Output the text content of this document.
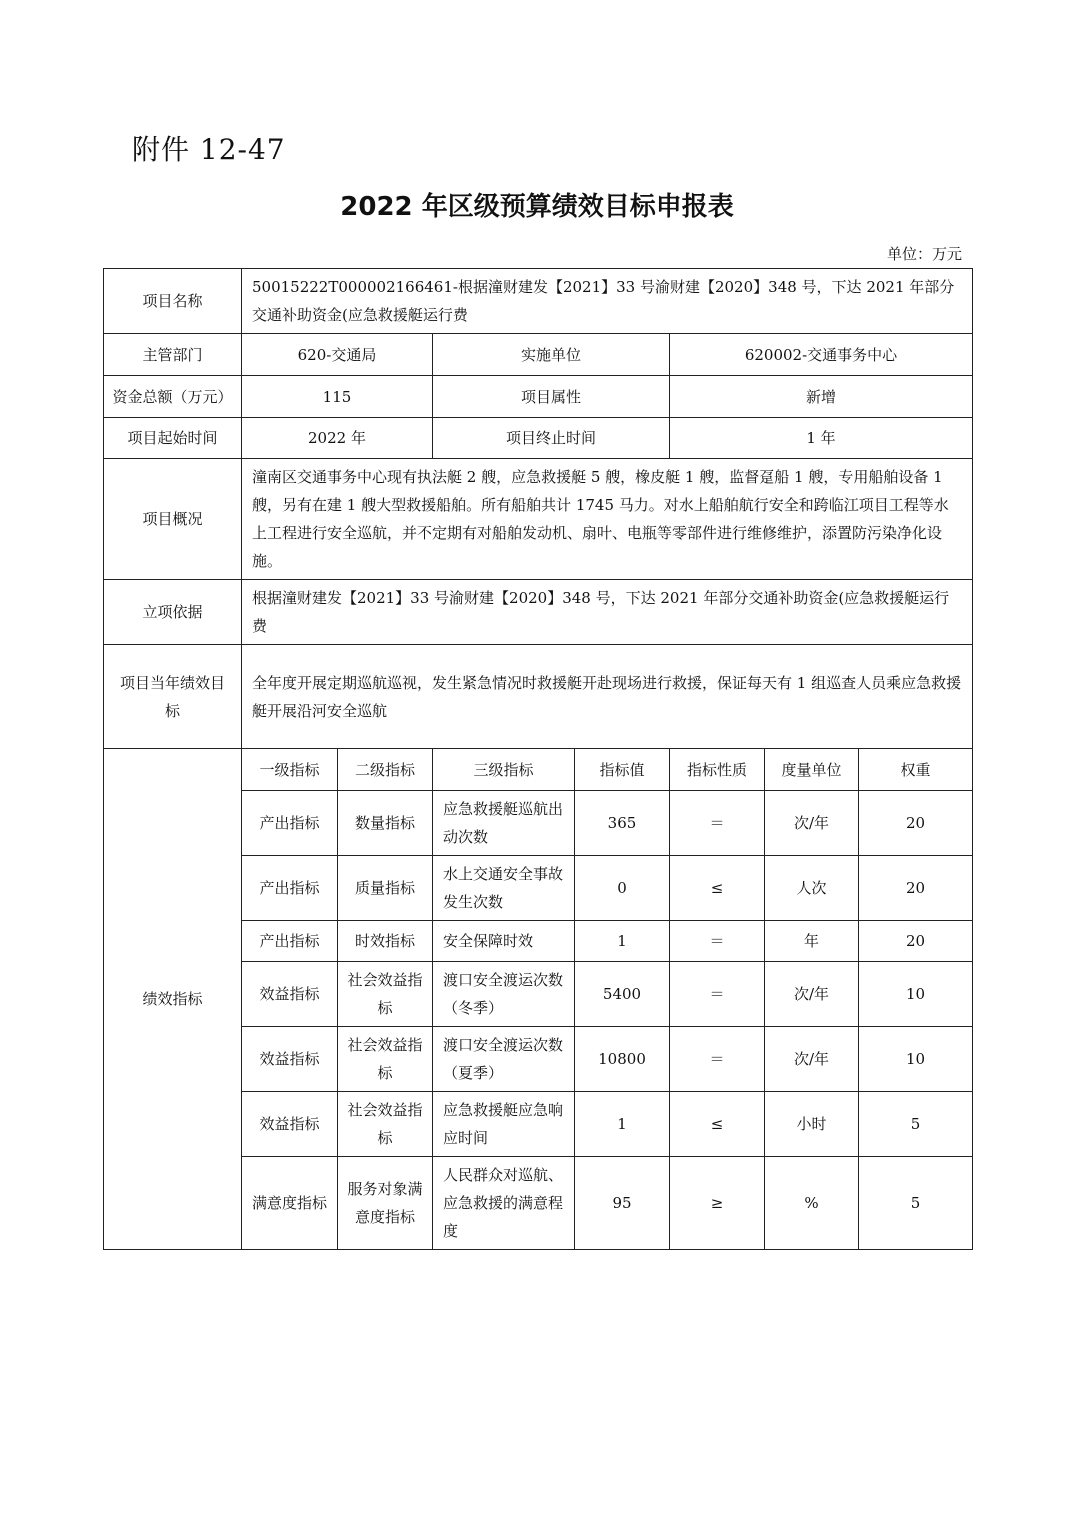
附件 12-47
2022 年区级预算绩效目标申报表
单位：万元
项目名称	50015222T000002166461-根据潼财建发【2021】33 号渝财建【2020】348 号，下达 2021 年部分交通补助资金(应急救援艇运行费						
主管部门	620-交通局		实施单位		620002-交通事务中心		
资金总额（万元）	115		项目属性		新增		
项目起始时间	2022 年		项目终止时间		1 年		
项目概况	潼南区交通事务中心现有执法艇 2 艘，应急救援艇 5 艘，橡皮艇 1 艘，监督趸船 1 艘，专用船舶设备 1 艘，另有在建 1 艘大型救援船舶。所有船舶共计 1745 马力。对水上船舶航行安全和跨临江项目工程等水上工程进行安全巡航，并不定期有对船舶发动机、扇叶、电瓶等零部件进行维修维护，添置防污染净化设施。						
立项依据	根据潼财建发【2021】33 号渝财建【2020】348 号，下达 2021 年部分交通补助资金(应急救援艇运行费						
项目当年绩效目标	全年度开展定期巡航巡视，发生紧急情况时救援艇开赴现场进行救援，保证每天有 1 组巡查人员乘应急救援艇开展沿河安全巡航						
绩效指标	一级指标	二级指标	三级指标	指标值	指标性质	度量单位	权重
	产出指标	数量指标	应急救援艇巡航出动次数	365	＝	次/年	20
	产出指标	质量指标	水上交通安全事故发生次数	0	≤	人次	20
	产出指标	时效指标	安全保障时效	1	＝	年	20
	效益指标	社会效益指标	渡口安全渡运次数（冬季）	5400	＝	次/年	10
	效益指标	社会效益指标	渡口安全渡运次数（夏季）	10800	＝	次/年	10
	效益指标	社会效益指标	应急救援艇应急响应时间	1	≤	小时	5
	满意度指标	服务对象满意度指标	人民群众对巡航、应急救援的满意程度	95	≥	%	5
